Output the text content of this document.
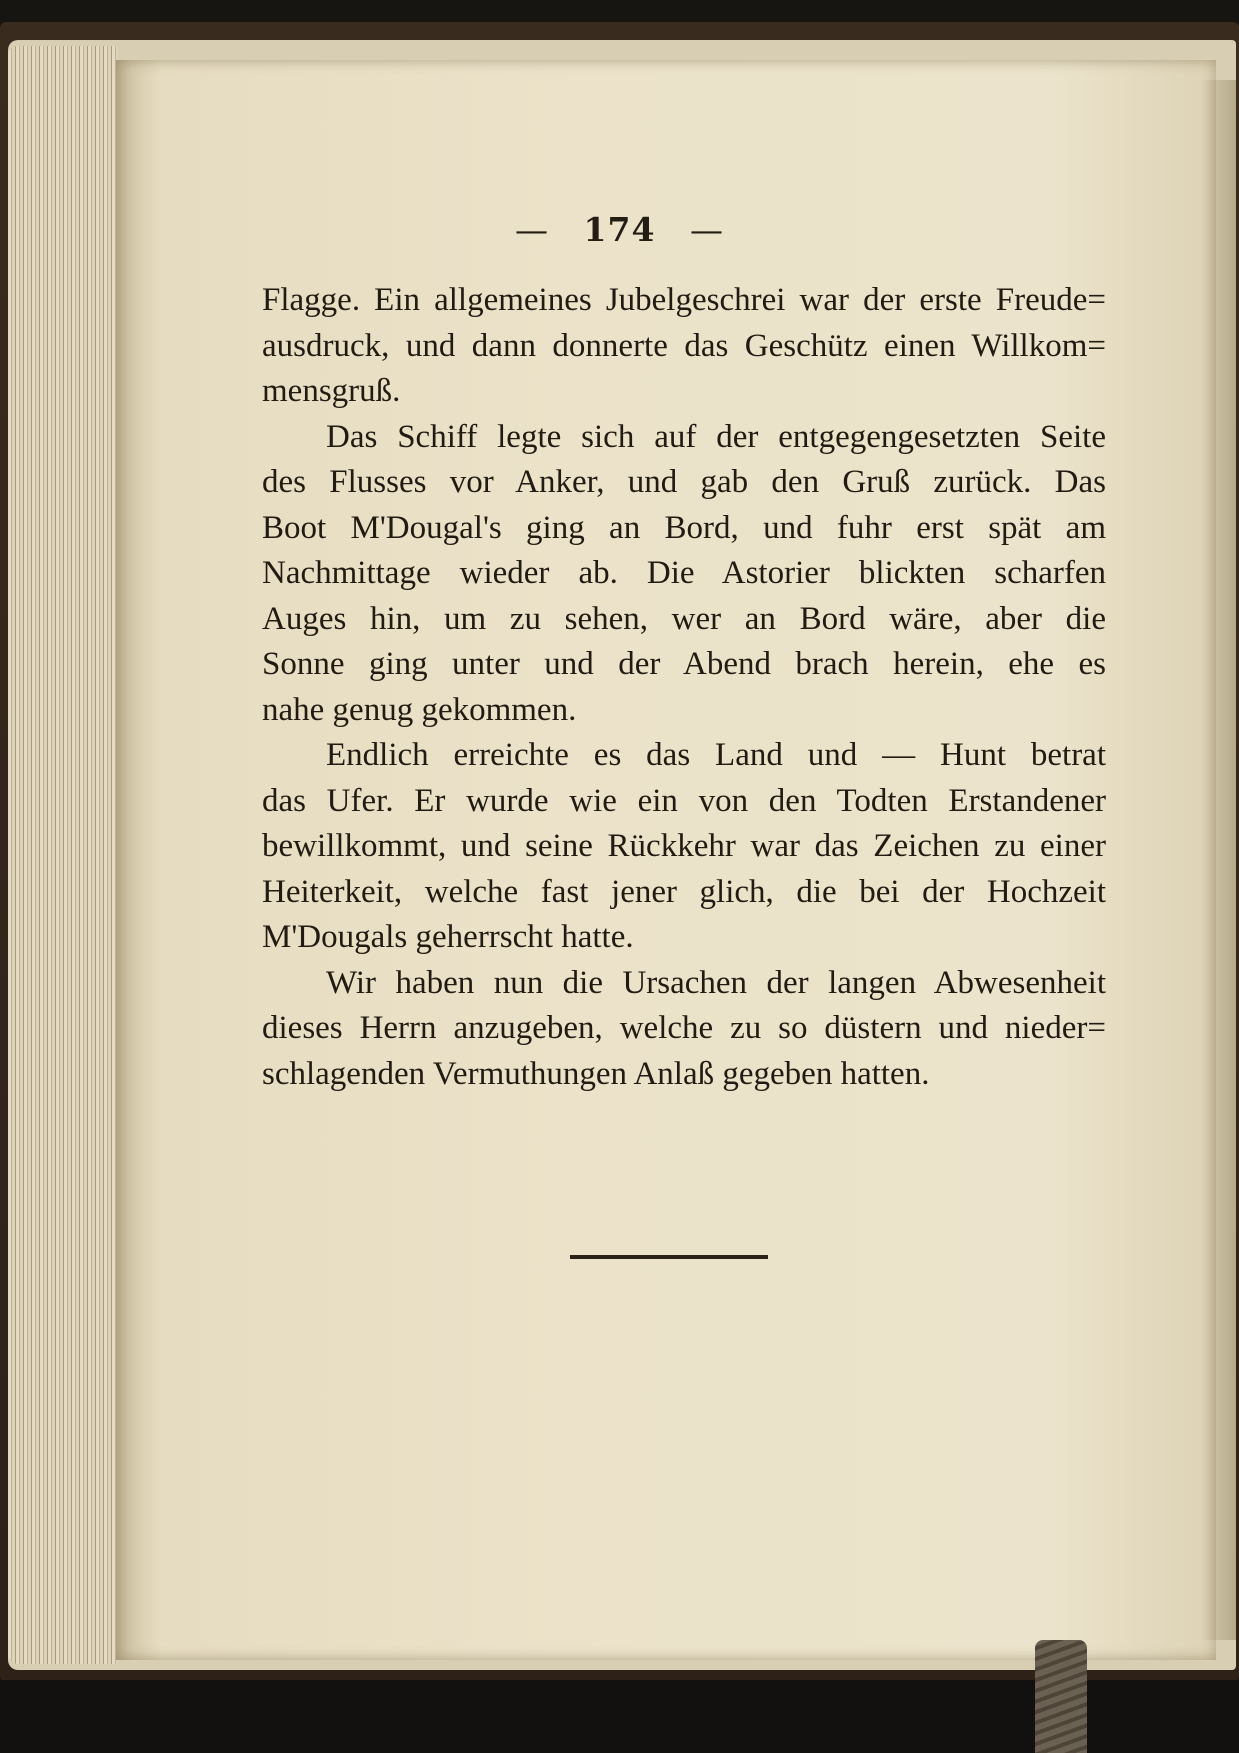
— 174 —
Flagge. Ein allgemeines Jubelgeschrei war der erste Freude=
ausdruck, und dann donnerte das Geschütz einen Willkom=
mensgruß.
Das Schiff legte sich auf der entgegengesetzten Seite
des Flusses vor Anker, und gab den Gruß zurück. Das
Boot M'Dougal's ging an Bord, und fuhr erst spät am
Nachmittage wieder ab. Die Astorier blickten scharfen
Auges hin, um zu sehen, wer an Bord wäre, aber die
Sonne ging unter und der Abend brach herein, ehe es
nahe genug gekommen.
Endlich erreichte es das Land und — Hunt betrat
das Ufer. Er wurde wie ein von den Todten Erstandener
bewillkommt, und seine Rückkehr war das Zeichen zu einer
Heiterkeit, welche fast jener glich, die bei der Hochzeit
M'Dougals geherrscht hatte.
Wir haben nun die Ursachen der langen Abwesenheit
dieses Herrn anzugeben, welche zu so düstern und nieder=
schlagenden Vermuthungen Anlaß gegeben hatten.
